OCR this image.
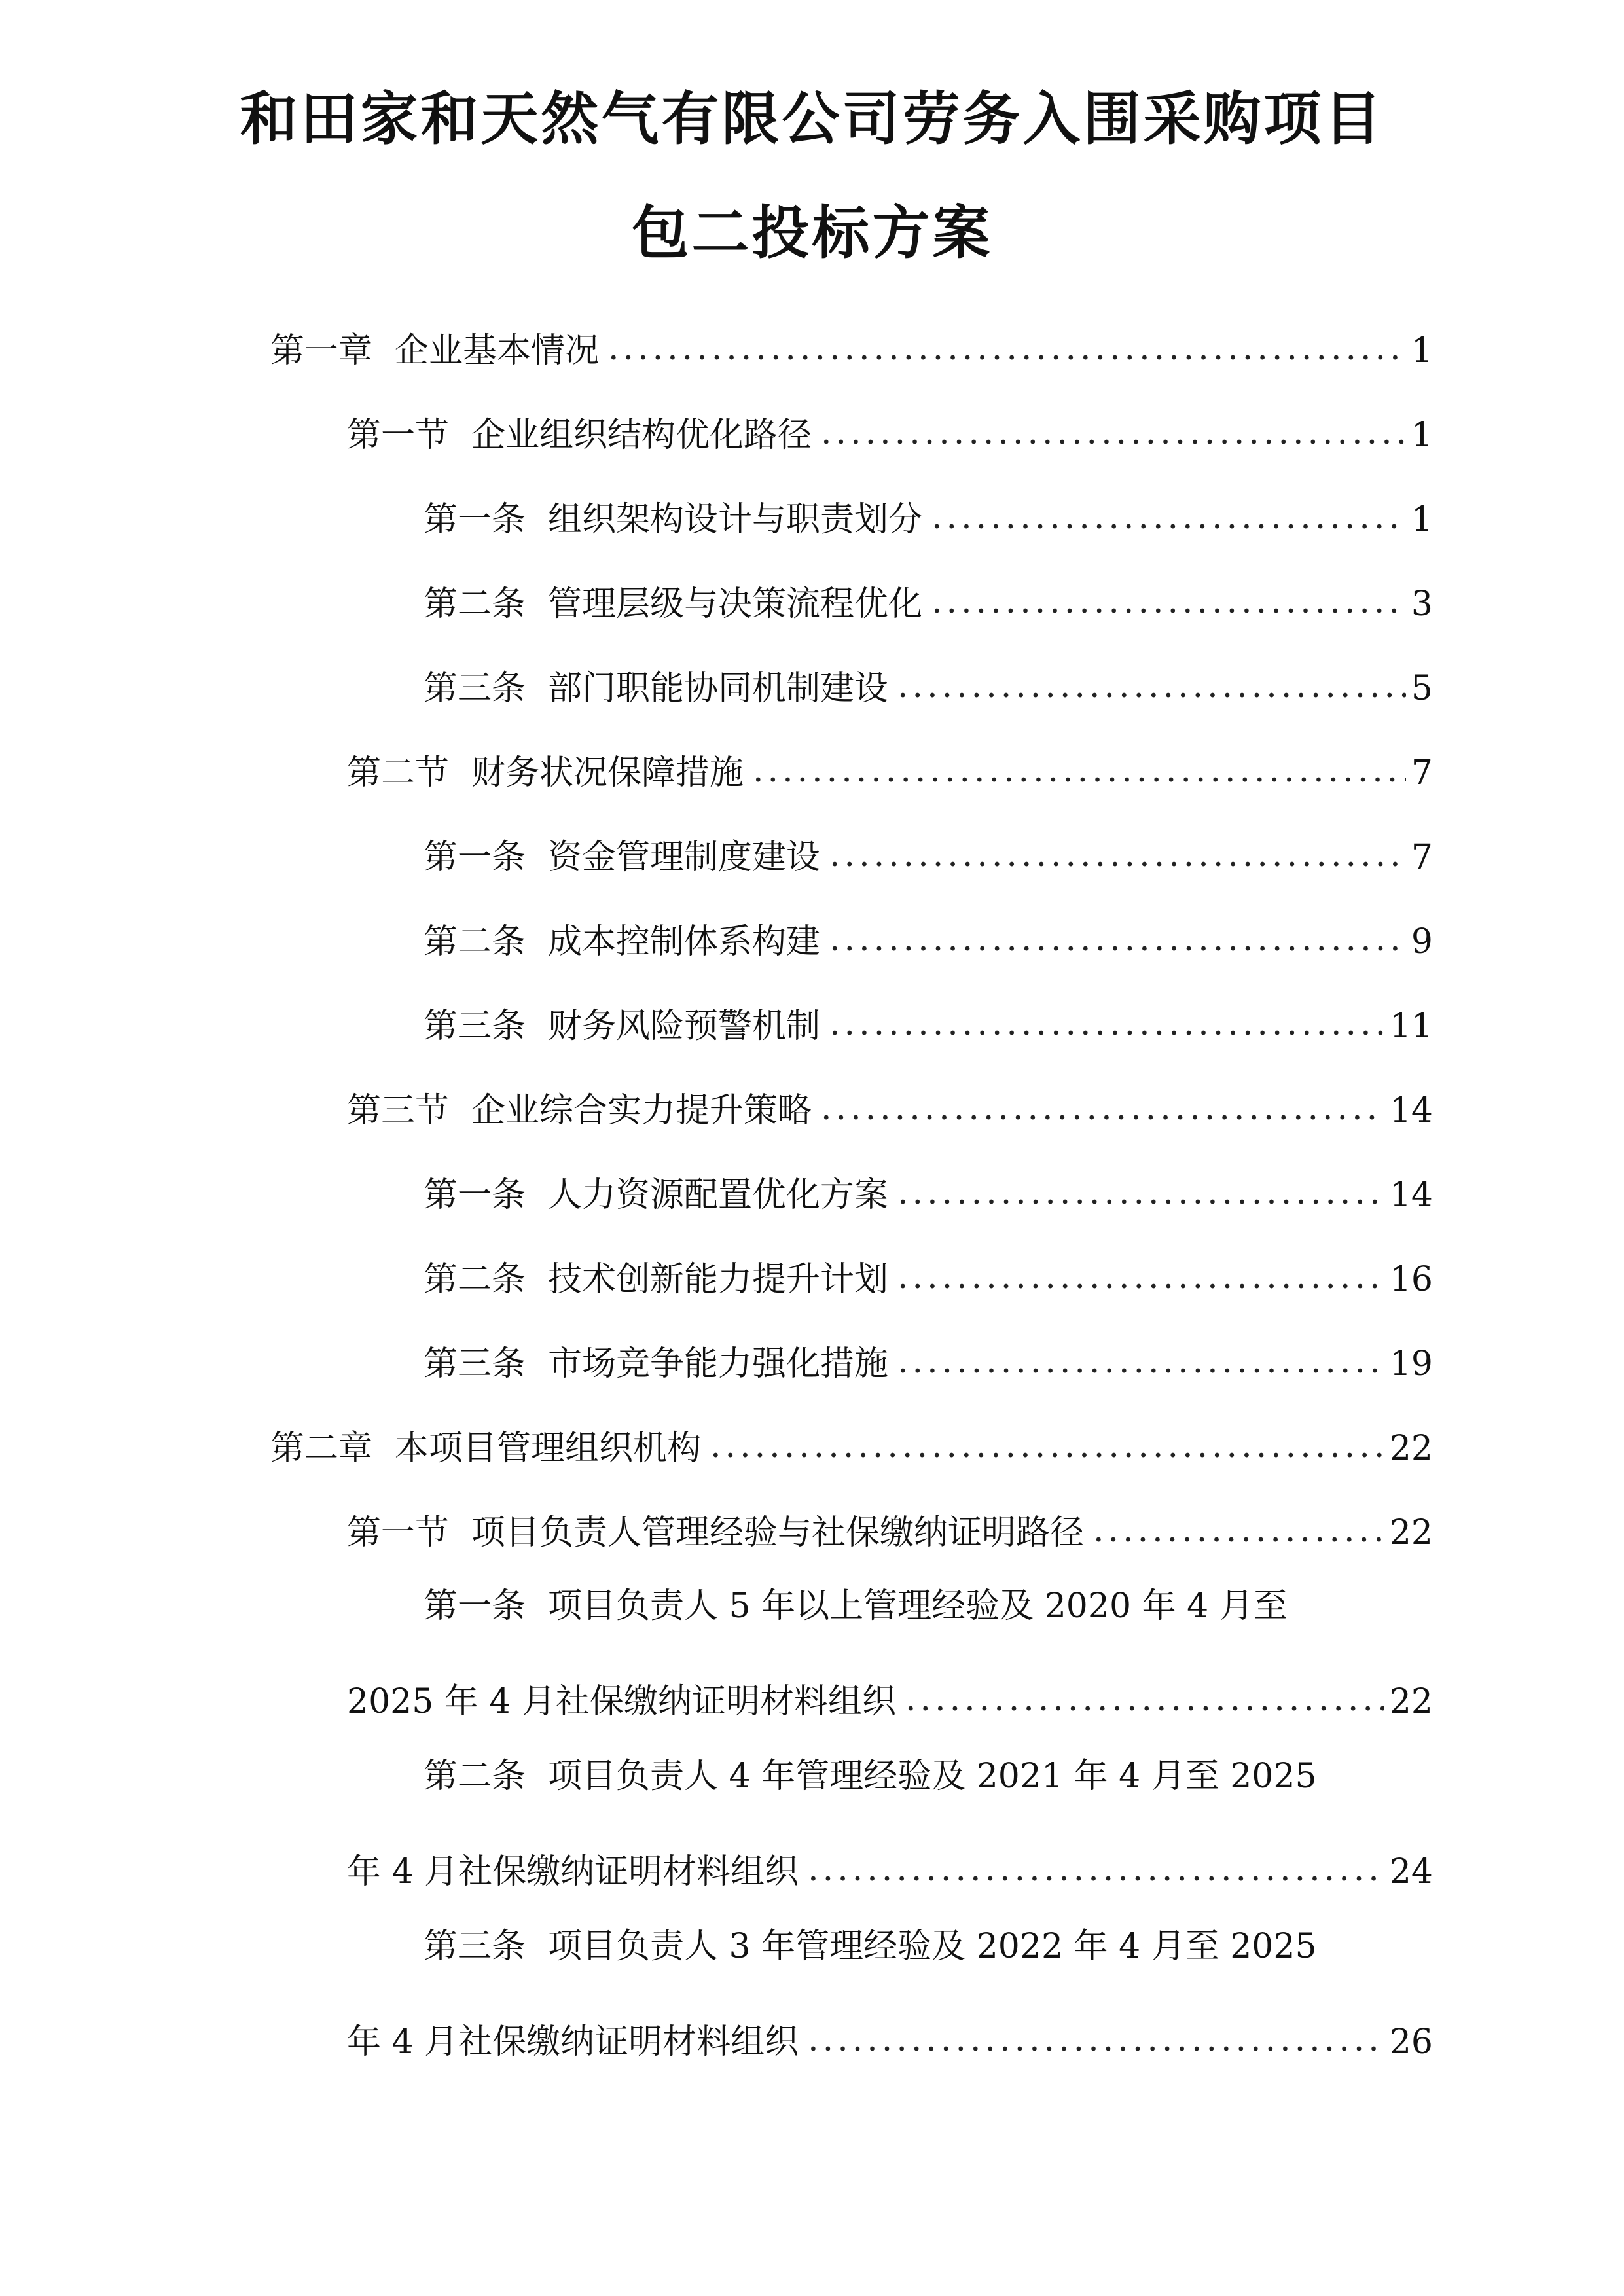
和田家和天然气有限公司劳务入围采购项目
包二投标方案
第一章 企业基本情况 .....	1
第一节 企业组织结构优化路径 .....	1
第一条 组织架构设计与职责划分 .....	1
第二条 管理层级与决策流程优化 .....	3
第三条 部门职能协同机制建设 .....	5
第二节 财务状况保障措施 .....	7
第一条 资金管理制度建设 .....	7
第二条 成本控制体系构建 .....	9
第三条 财务风险预警机制 .....	11
第三节 企业综合实力提升策略 .....	14
第一条 人力资源配置优化方案 .....	14
第二条 技术创新能力提升计划 .....	16
第三条 市场竞争能力强化措施 .....	19
第二章 本项目管理组织机构 .....	22
第一节 项目负责人管理经验与社保缴纳证明路径 .....	22
第一条 项目负责人 5 年以上管理经验及 2020 年 4 月至
2025 年 4 月社保缴纳证明材料组织 .....	22
第二条 项目负责人 4 年管理经验及 2021 年 4 月至 2025
年 4 月社保缴纳证明材料组织 .....	24
第三条 项目负责人 3 年管理经验及 2022 年 4 月至 2025
年 4 月社保缴纳证明材料组织 .....	26
